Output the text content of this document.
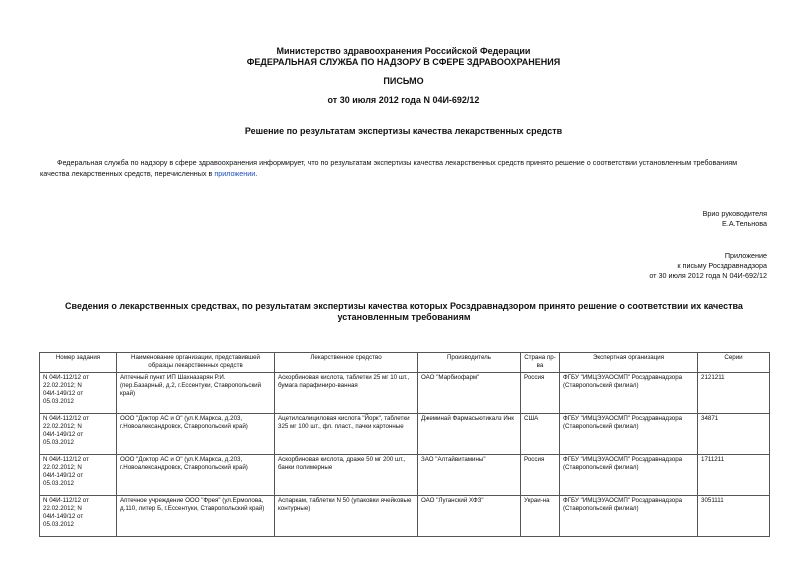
Министерство здравоохранения Российской Федерации
ФЕДЕРАЛЬНАЯ СЛУЖБА ПО НАДЗОРУ В СФЕРЕ ЗДРАВООХРАНЕНИЯ
ПИСЬМО
от 30 июля 2012 года N 04И-692/12
Решение по результатам экспертизы качества лекарственных средств

Федеральная служба по надзору в сфере здравоохранения информирует, что по результатам экспертизы качества лекарственных средств принято решение о соответствии установленным требованиям качества лекарственных средств, перечисленных в приложении.

Врио руководителя
Е.А.Тельнова
Приложение
к письму Росздравнадзора
от 30 июля 2012 года N 04И-692/12
Сведения о лекарственных средствах, по результатам экспертизы качества которых Росздравнадзором принято решение о соответствии их качества установленным требованиям
Номер задания	Наименование организации, представившей образцы лекарственных средств	Лекарственное средство	Производитель	Страна пр-ва	Экспертная организация	Серии
N 04И-112/12 от 22.02.2012; N 04И-149/12 от 05.03.2012	Аптечный пункт ИП Шахназарян Р.И. (пер.Базарный, д.2, г.Ессентуки, Ставропольский край)	Аскорбиновая кислота, таблетки 25 мг 10 шт., бумага парафиниро-ванная	ОАО "Марбиофарм"	Россия	ФГБУ "ИМЦЭУАОСМП" Росздравнадзора (Ставропольский филиал)	2121211
N 04И-112/12 от 22.02.2012; N 04И-149/12 от 05.03.2012	ООО "Доктор АС и О" (ул.К.Маркса, д.203, г.Новоалександровск, Ставропольский край)	Ацетилсалициловая кислота "Йорк", таблетки 325 мг 100 шт., фл. пласт., пачки картонные	Джеминай Фармасьютикалз Инк	США	ФГБУ "ИМЦЭУАОСМП" Росздравнадзора (Ставропольский филиал)	34871
N 04И-112/12 от 22.02.2012; N 04И-149/12 от 05.03.2012	ООО "Доктор АС и О" (ул.К.Маркса, д.203, г.Новоалександровск, Ставропольский край)	Аскорбиновая кислота, драже 50 мг 200 шт., банки полимерные	ЗАО "Алтайвитамины"	Россия	ФГБУ "ИМЦЭУАОСМП" Росздравнадзора (Ставропольский филиал)	1711211
N 04И-112/12 от 22.02.2012; N 04И-149/12 от 05.03.2012	Аптечное учреждение ООО "Фрея" (ул.Ермолова, д.110, литер Б, г.Ессентуки, Ставропольский край)	Аспаркам, таблетки N 50 (упаковки ячейковые контурные)	ОАО "Луганский ХФЗ"	Украи-на	ФГБУ "ИМЦЭУАОСМП" Росздравнадзора (Ставропольский филиал)	3051111
